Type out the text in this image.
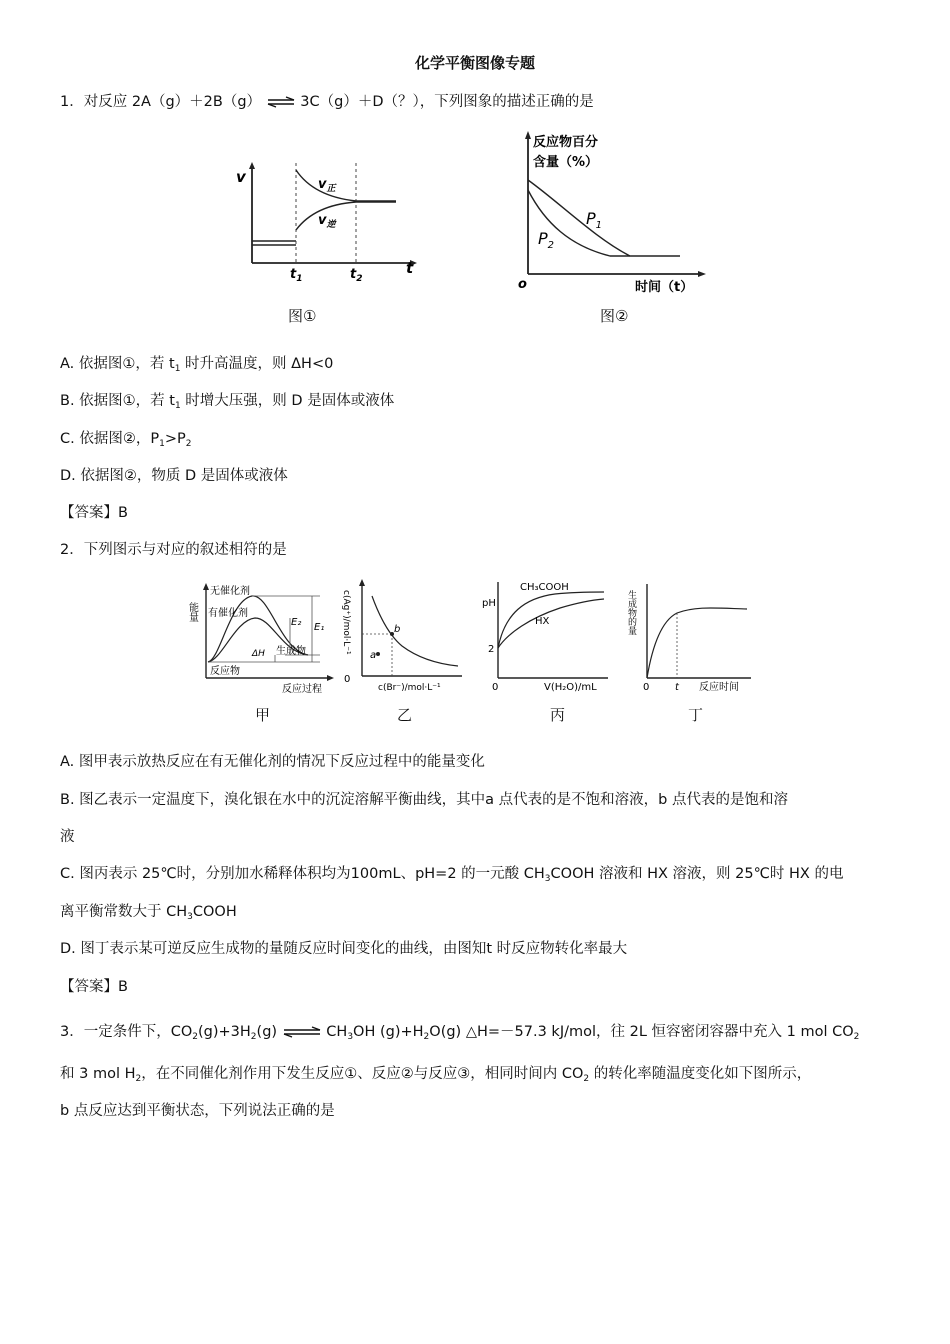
化学平衡图像专题
1．对反应 2A（g）＋2B（g） ⇌ 3C（g）＋D（？），下列图象的描述正确的是
v
t
$v_正$
$v_逆$
$t_1$	$t_2$
图①
反应物百分
含量（%）
o	时间（t）
$P_1$
$P_2$
图②
A. 依据图①，若 $t_1$ 时升高温度，则 ΔH<0
B. 依据图①，若 $t_1$ 时增大压强，则 D 是固体或液体
C. 依据图②，$P_1>P_2$
D. 依据图②，物质 D 是固体或液体
【答案】B
2．下列图示与对应的叙述相符的是
能量
无催化剂
有催化剂
E₂ E₁
ΔH 生成物
反应物
反应过程
甲
0
c(Ag⁺)/mol·L⁻¹	b
a
c(Br⁻)/mol·L⁻¹
乙
pH
2
0
CH₃COOH
HX
V(H₂O)/mL
丙
生成物的量
0	t 反应时间
丁
A. 图甲表示放热反应在有无催化剂的情况下反应过程中的能量变化
B. 图乙表示一定温度下，溴化银在水中的沉淀溶解平衡曲线，其中a 点代表的是不饱和溶液，b 点代表的是饱和溶
液
C. 图丙表示 25℃时，分别加水稀释体积均为100mL、pH=2 的一元酸 $CH_3COOH$ 溶液和 HX 溶液，则 25℃时 HX 的电
离平衡常数大于 $CH_3COOH$
D. 图丁表示某可逆反应生成物的量随反应时间变化的曲线，由图知t 时反应物转化率最大
【答案】B
3．一定条件下，$CO_2(g)+3H_2(g)$ ⇌ $CH_3OH$ $(g)+H_2O(g)$ △H=－57.3 kJ/mol，往 2L 恒容密闭容器中充入 1 mol $CO_2$
和 3 mol $H_2$，在不同催化剂作用下发生反应①、反应②与反应③，相同时间内 $CO_2$ 的转化率随温度变化如下图所示，
b 点反应达到平衡状态，下列说法正确的是
